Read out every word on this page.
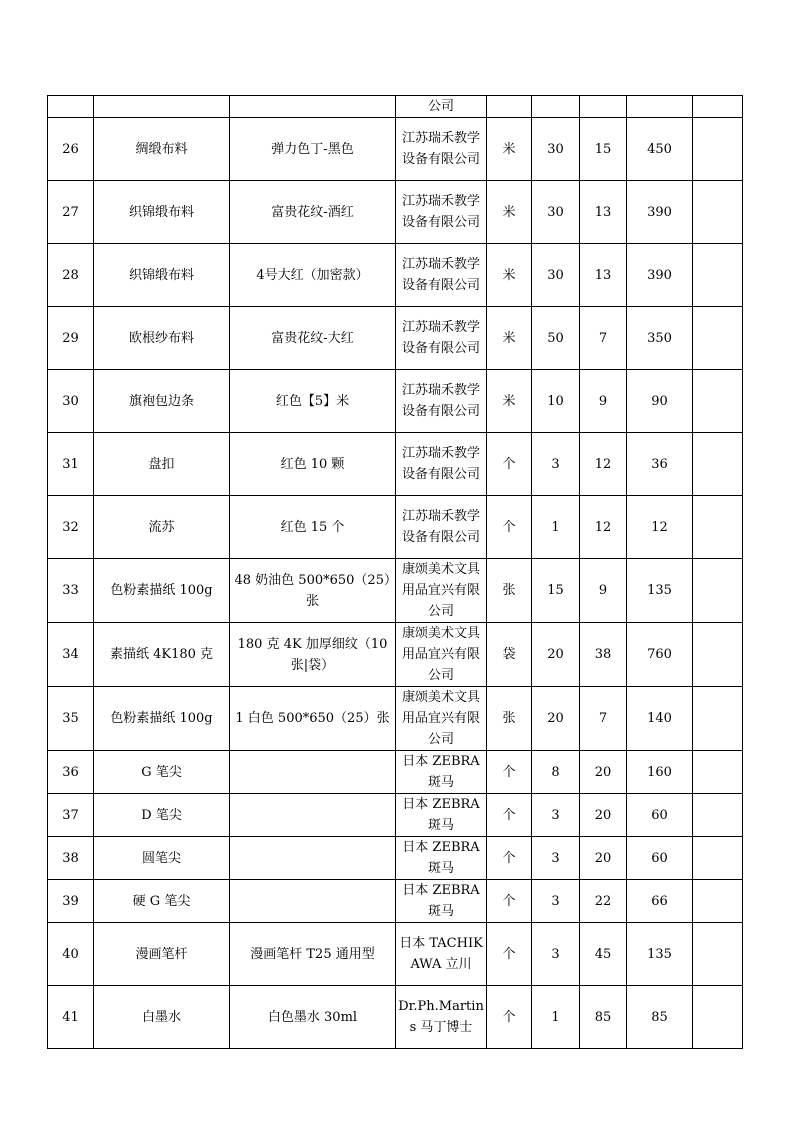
			公司					
26	绸缎布料	弹力色丁-黑色	江苏瑞禾教学设备有限公司	米	30	15	450	
27	织锦缎布料	富贵花纹-酒红	江苏瑞禾教学设备有限公司	米	30	13	390	
28	织锦缎布料	4号大红（加密款）	江苏瑞禾教学设备有限公司	米	30	13	390	
29	欧根纱布料	富贵花纹-大红	江苏瑞禾教学设备有限公司	米	50	7	350	
30	旗袍包边条	红色【5】米	江苏瑞禾教学设备有限公司	米	10	9	90	
31	盘扣	红色 10 颗	江苏瑞禾教学设备有限公司	个	3	12	36	
32	流苏	红色 15 个	江苏瑞禾教学设备有限公司	个	1	12	12	
33	色粉素描纸 100g	48 奶油色 500*650（25）张	康颂美术文具用品宜兴有限公司	张	15	9	135	
34	素描纸 4K180 克	180 克 4K 加厚细纹（10 张|袋）	康颂美术文具用品宜兴有限公司	袋	20	38	760	
35	色粉素描纸 100g	1 白色 500*650（25）张	康颂美术文具用品宜兴有限公司	张	20	7	140	
36	G 笔尖		日本 ZEBRA 斑马	个	8	20	160	
37	D 笔尖		日本 ZEBRA 斑马	个	3	20	60	
38	圆笔尖		日本 ZEBRA 斑马	个	3	20	60	
39	硬 G 笔尖		日本 ZEBRA 斑马	个	3	22	66	
40	漫画笔杆	漫画笔杆 T25 通用型	日本 TACHIKAWA 立川	个	3	45	135	
41	白墨水	白色墨水 30ml	Dr.Ph.Martins 马丁博士	个	1	85	85	
